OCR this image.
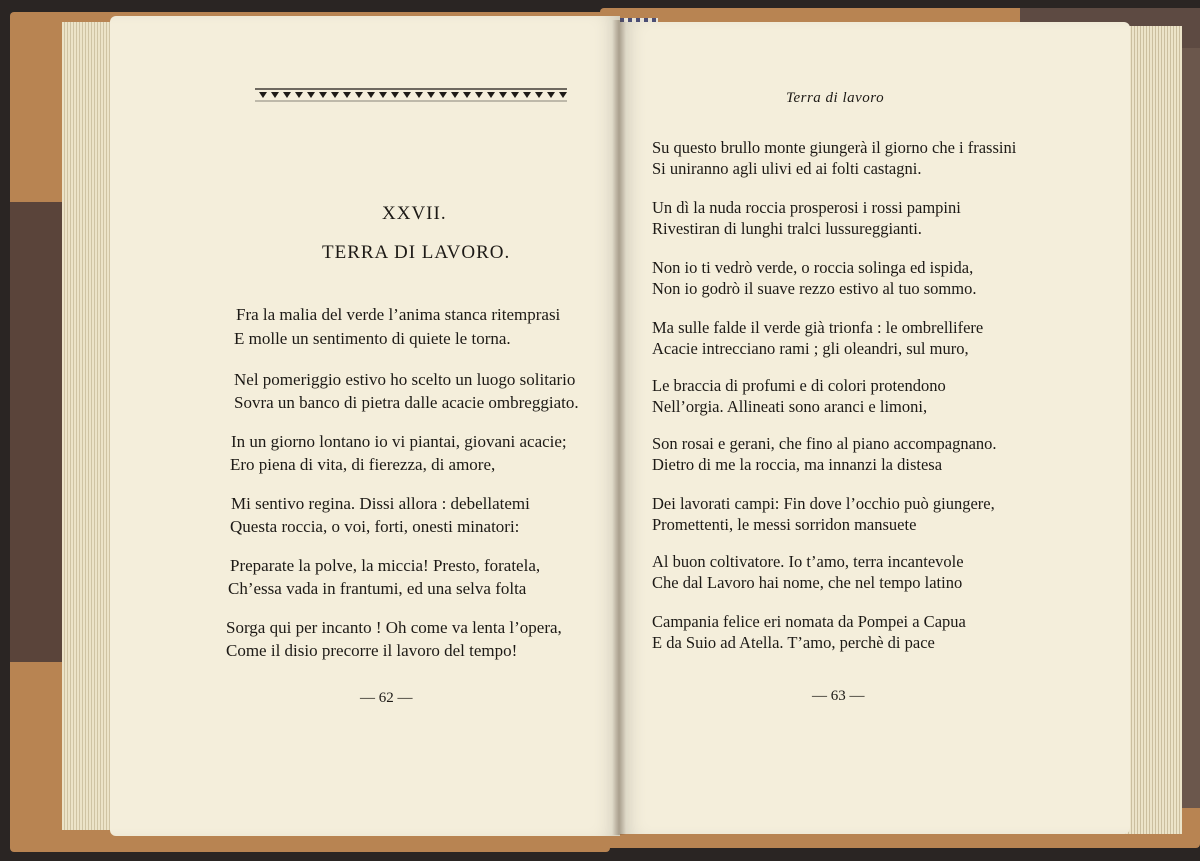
XXVII.
TERRA DI LAVORO.
Fra la malia del verde l’anima stanca ritemprasi
E molle un sentimento di quiete le torna.
Nel pomeriggio estivo ho scelto un luogo solitario
Sovra un banco di pietra dalle acacie ombreggiato.
In un giorno lontano io vi piantai, giovani acacie;
Ero piena di vita, di fierezza, di amore,
Mi sentivo regina. Dissi allora : debellatemi
Questa roccia, o voi, forti, onesti minatori:
Preparate la polve, la miccia! Presto, foratela,
Ch’essa vada in frantumi, ed una selva folta
Sorga qui per incanto ! Oh come va lenta l’opera,
Come il disio precorre il lavoro del tempo!
— 62 —
Terra di lavoro
Su questo brullo monte giungerà il giorno che i frassini
Si uniranno agli ulivi ed ai folti castagni.
Un dì la nuda roccia prosperosi i rossi pampini
Rivestiran di lunghi tralci lussureggianti.
Non io ti vedrò verde, o roccia solinga ed ispida,
Non io godrò il suave rezzo estivo al tuo sommo.
Ma sulle falde il verde già trionfa : le ombrellifere
Acacie intrecciano rami ; gli oleandri, sul muro,
Le braccia di profumi e di colori protendono
Nell’orgia. Allineati sono aranci e limoni,
Son rosai e gerani, che fino al piano accompagnano.
Dietro di me la roccia, ma innanzi la distesa
Dei lavorati campi: Fin dove l’occhio può giungere,
Promettenti, le messi sorridon mansuete
Al buon coltivatore. Io t’amo, terra incantevole
Che dal Lavoro hai nome, che nel tempo latino
Campania felice eri nomata da Pompei a Capua
E da Suio ad Atella. T’amo, perchè di pace
— 63 —
